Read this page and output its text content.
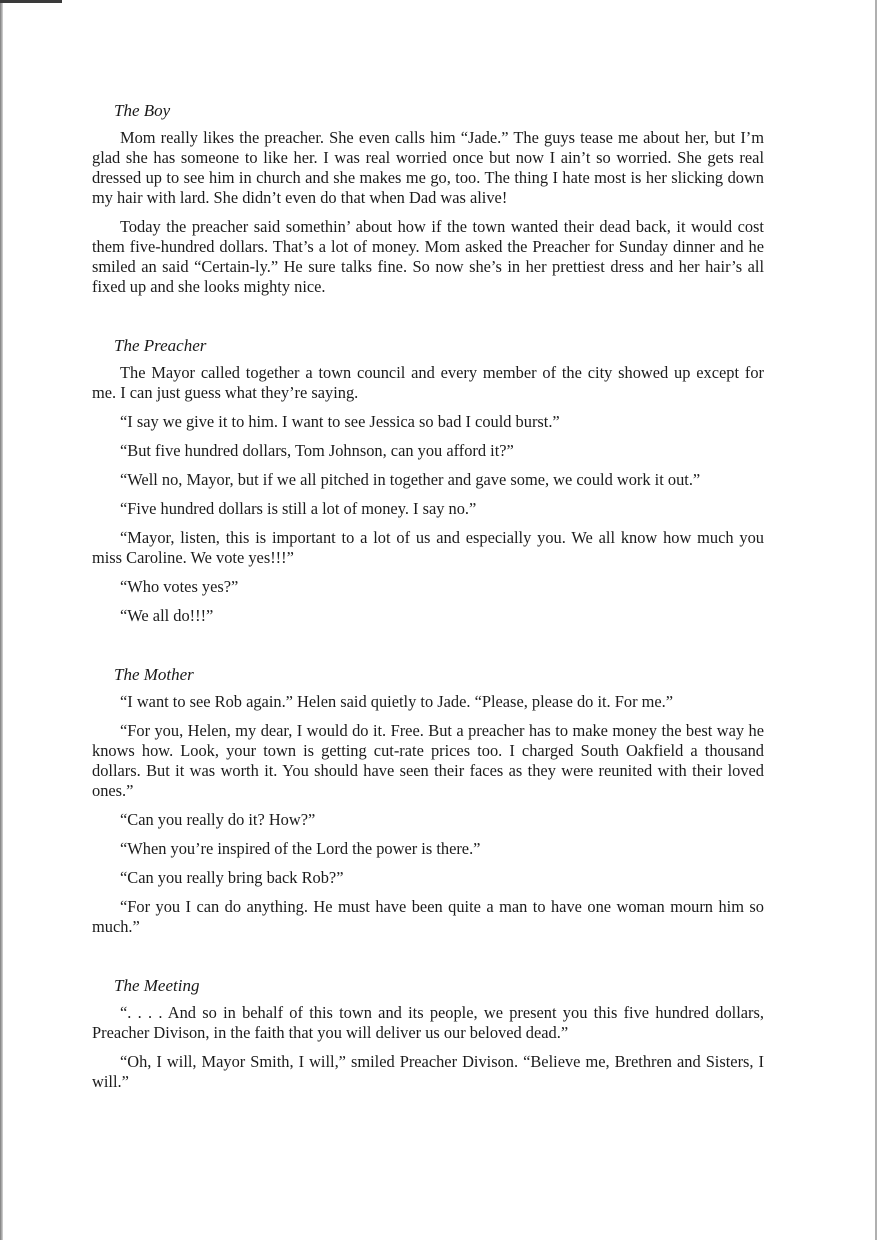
The Boy

Mom really likes the preacher. She even calls him “Jade.” The guys tease me about her, but I’m glad she has someone to like her. I was real worried once but now I ain’t so worried. She gets real dressed up to see him in church and she makes me go, too. The thing I hate most is her slicking down my hair with lard. She didn’t even do that when Dad was alive!

Today the preacher said somethin’ about how if the town wanted their dead back, it would cost them five-hundred dollars. That’s a lot of money. Mom asked the Preacher for Sunday dinner and he smiled an said “Certain-ly.” He sure talks fine. So now she’s in her prettiest dress and her hair’s all fixed up and she looks mighty nice.

The Preacher

The Mayor called together a town council and every member of the city showed up except for me. I can just guess what they’re saying.

“I say we give it to him. I want to see Jessica so bad I could burst.”

“But five hundred dollars, Tom Johnson, can you afford it?”

“Well no, Mayor, but if we all pitched in together and gave some, we could work it out.”

“Five hundred dollars is still a lot of money. I say no.”

“Mayor, listen, this is important to a lot of us and especially you. We all know how much you miss Caroline. We vote yes!!!”

“Who votes yes?”

“We all do!!!”

The Mother

“I want to see Rob again.” Helen said quietly to Jade. “Please, please do it. For me.”

“For you, Helen, my dear, I would do it. Free. But a preacher has to make money the best way he knows how. Look, your town is getting cut-rate prices too. I charged South Oakfield a thousand dollars. But it was worth it. You should have seen their faces as they were reunited with their loved ones.”

“Can you really do it? How?”

“When you’re inspired of the Lord the power is there.”

“Can you really bring back Rob?”

“For you I can do anything. He must have been quite a man to have one woman mourn him so much.”

The Meeting

“. . . . And so in behalf of this town and its people, we present you this five hundred dollars, Preacher Divison, in the faith that you will deliver us our beloved dead.”

“Oh, I will, Mayor Smith, I will,” smiled Preacher Divison. “Believe me, Brethren and Sisters, I will.”
